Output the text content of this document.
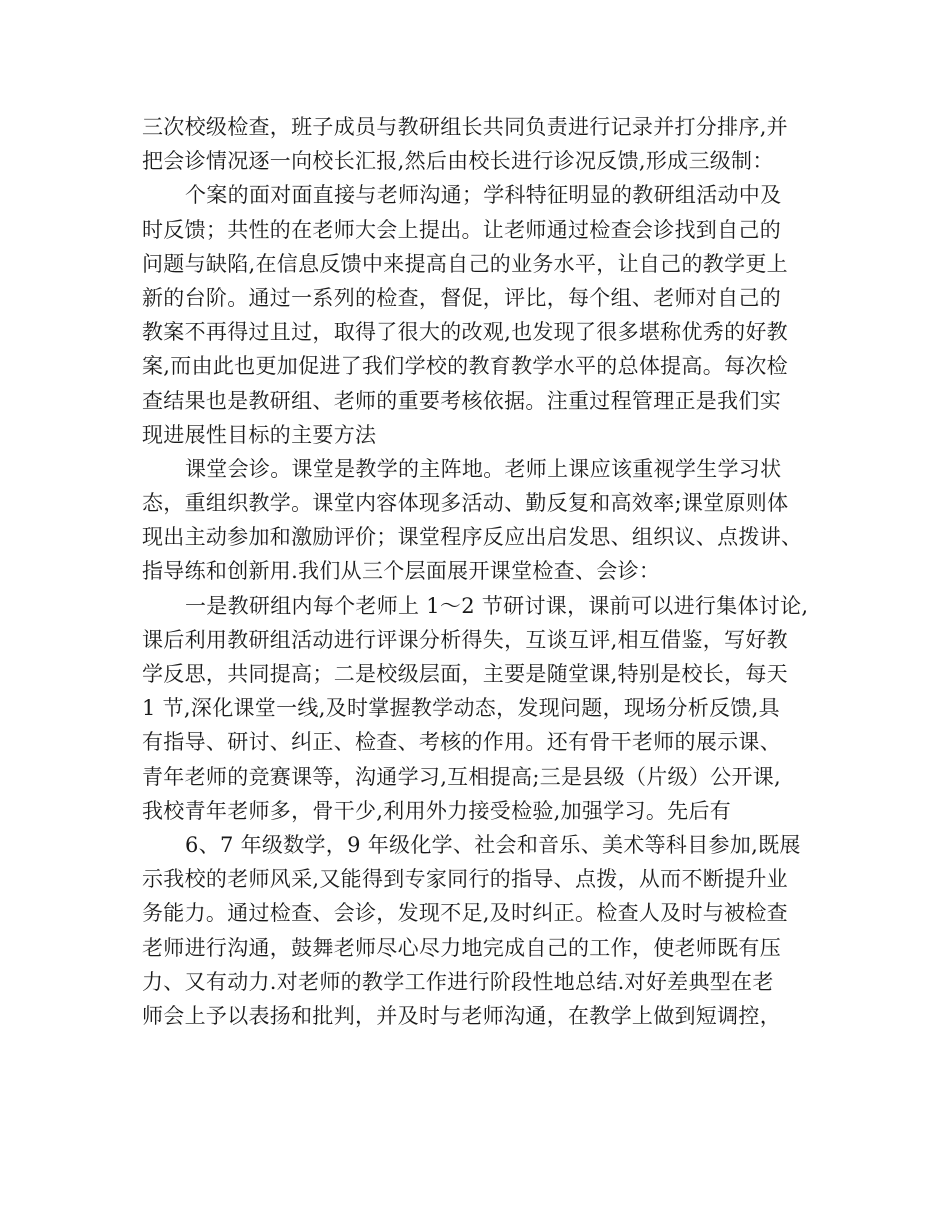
三次校级检查，班子成员与教研组长共同负责进行记录并打分排序,并
把会诊情况逐一向校长汇报,然后由校长进行诊况反馈,形成三级制：
个案的面对面直接与老师沟通；学科特征明显的教研组活动中及
时反馈；共性的在老师大会上提出。让老师通过检查会诊找到自己的
问题与缺陷,在信息反馈中来提高自己的业务水平，让自己的教学更上
新的台阶。通过一系列的检查，督促，评比，每个组、老师对自己的
教案不再得过且过，取得了很大的改观,也发现了很多堪称优秀的好教
案,而由此也更加促进了我们学校的教育教学水平的总体提高。每次检
查结果也是教研组、老师的重要考核依据。注重过程管理正是我们实
现进展性目标的主要方法
课堂会诊。课堂是教学的主阵地。老师上课应该重视学生学习状
态，重组织教学。课堂内容体现多活动、勤反复和高效率;课堂原则体
现出主动参加和激励评价；课堂程序反应出启发思、组织议、点拨讲、
指导练和创新用.我们从三个层面展开课堂检查、会诊：
一是教研组内每个老师上 1～2 节研讨课，课前可以进行集体讨论,
课后利用教研组活动进行评课分析得失，互谈互评,相互借鉴，写好教
学反思，共同提高；二是校级层面，主要是随堂课,特别是校长，每天
1 节,深化课堂一线,及时掌握教学动态，发现问题，现场分析反馈,具
有指导、研讨、纠正、检查、考核的作用。还有骨干老师的展示课、
青年老师的竞赛课等，沟通学习,互相提高;三是县级（片级）公开课,
我校青年老师多，骨干少,利用外力接受检验,加强学习。先后有
6、7 年级数学，9 年级化学、社会和音乐、美术等科目参加,既展
示我校的老师风采,又能得到专家同行的指导、点拨，从而不断提升业
务能力。通过检查、会诊，发现不足,及时纠正。检查人及时与被检查
老师进行沟通，鼓舞老师尽心尽力地完成自己的工作，使老师既有压
力、又有动力.对老师的教学工作进行阶段性地总结.对好差典型在老
师会上予以表扬和批判，并及时与老师沟通，在教学上做到短调控，
